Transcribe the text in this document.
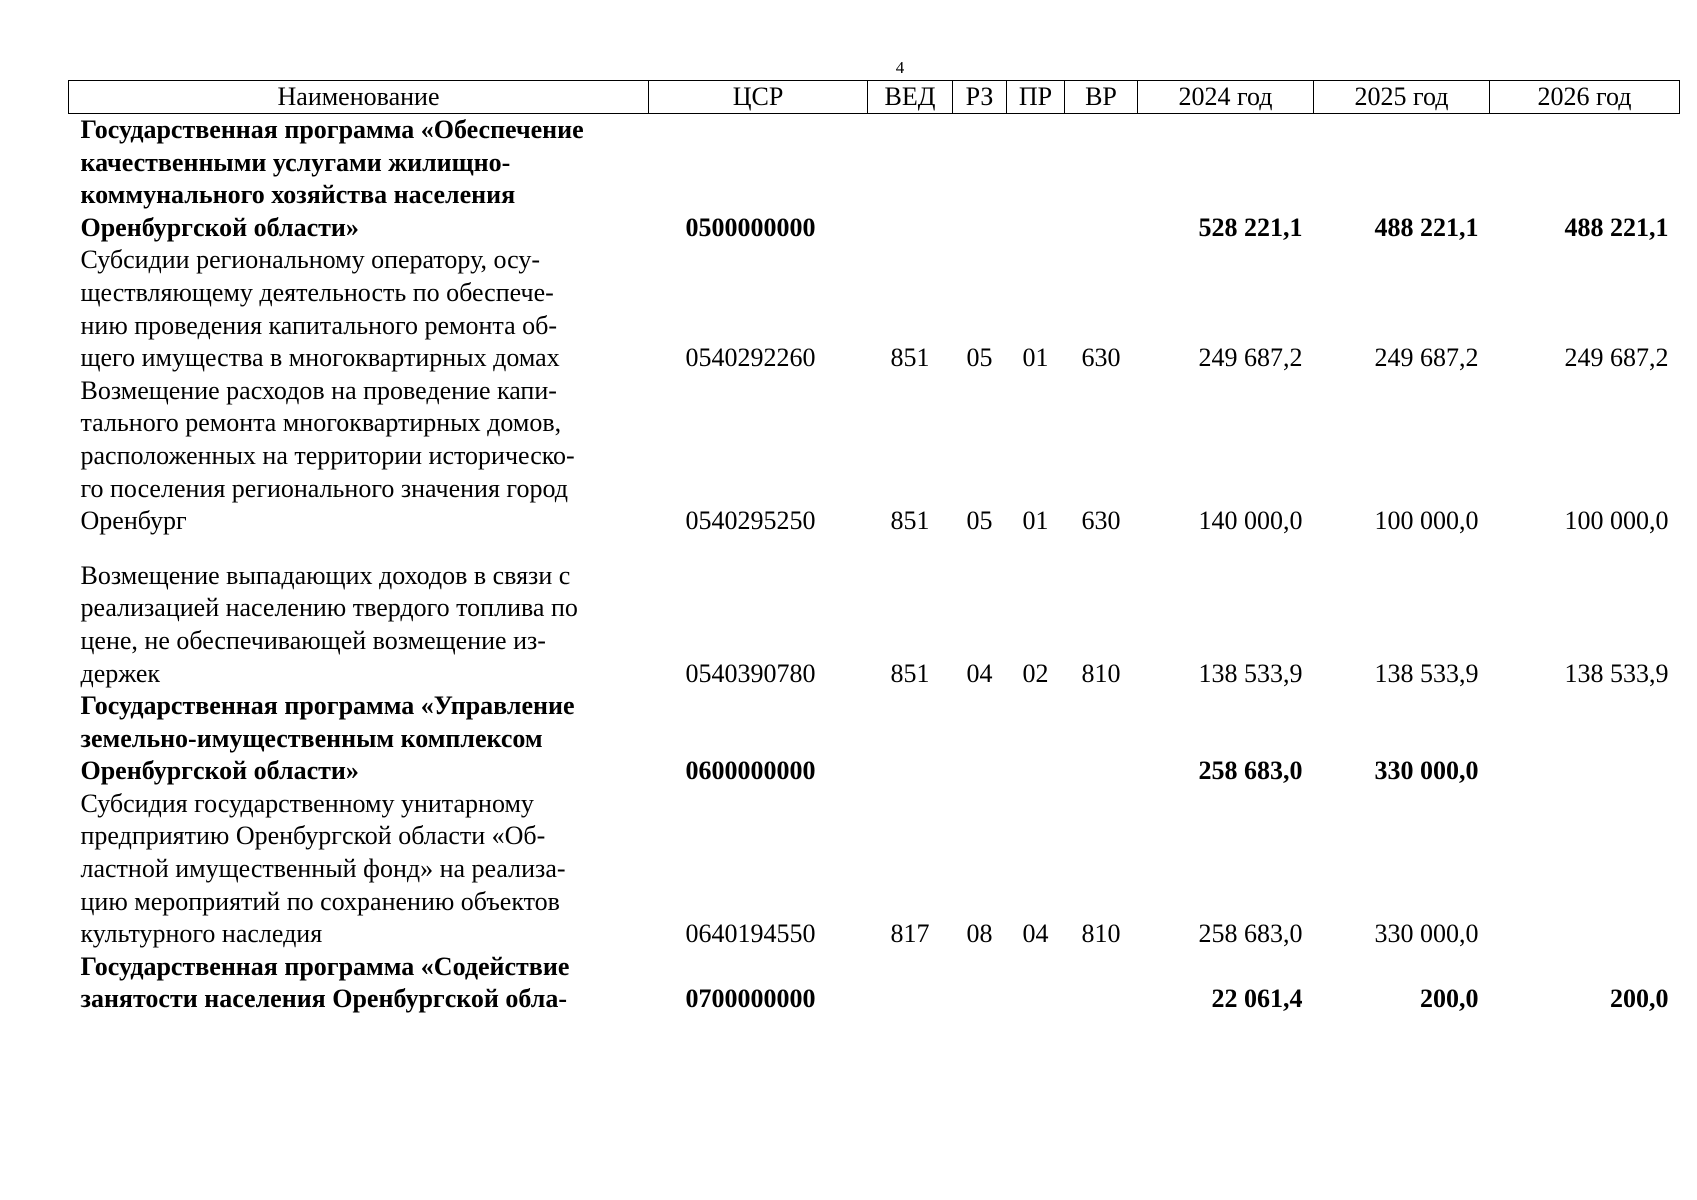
4
Наименование	ЦСР	ВЕД	РЗ	ПР	ВР	2024 год	2025 год	2026 год

Государственная программа «Обеспечение
качественными услугами жилищно-
коммунального хозяйства населения
Оренбургской области»	0500000000					528 221,1	488 221,1	488 221,1

Субсидии региональному оператору, осу-
ществляющему деятельность по обеспече-
нию проведения капитального ремонта об-
щего имущества в многоквартирных домах	0540292260	851	05	01	630	249 687,2	249 687,2	249 687,2

Возмещение расходов на проведение капи-
тального ремонта многоквартирных домов,
расположенных на территории историческо-
го поселения регионального значения город
Оренбург	0540295250	851	05	01	630	140 000,0	100 000,0	100 000,0

Возмещение выпадающих доходов в связи с
реализацией населению твердого топлива по
цене, не обеспечивающей возмещение из-
держек	0540390780	851	04	02	810	138 533,9	138 533,9	138 533,9

Государственная программа «Управление
земельно-имущественным комплексом
Оренбургской области»	0600000000					258 683,0	330 000,0	

Субсидия государственному унитарному
предприятию Оренбургской области «Об-
ластной имущественный фонд» на реализа-
цию мероприятий по сохранению объектов
культурного наследия	0640194550	817	08	04	810	258 683,0	330 000,0	

Государственная программа «Содействие
занятости населения Оренбургской обла-	0700000000					22 061,4	200,0	200,0
